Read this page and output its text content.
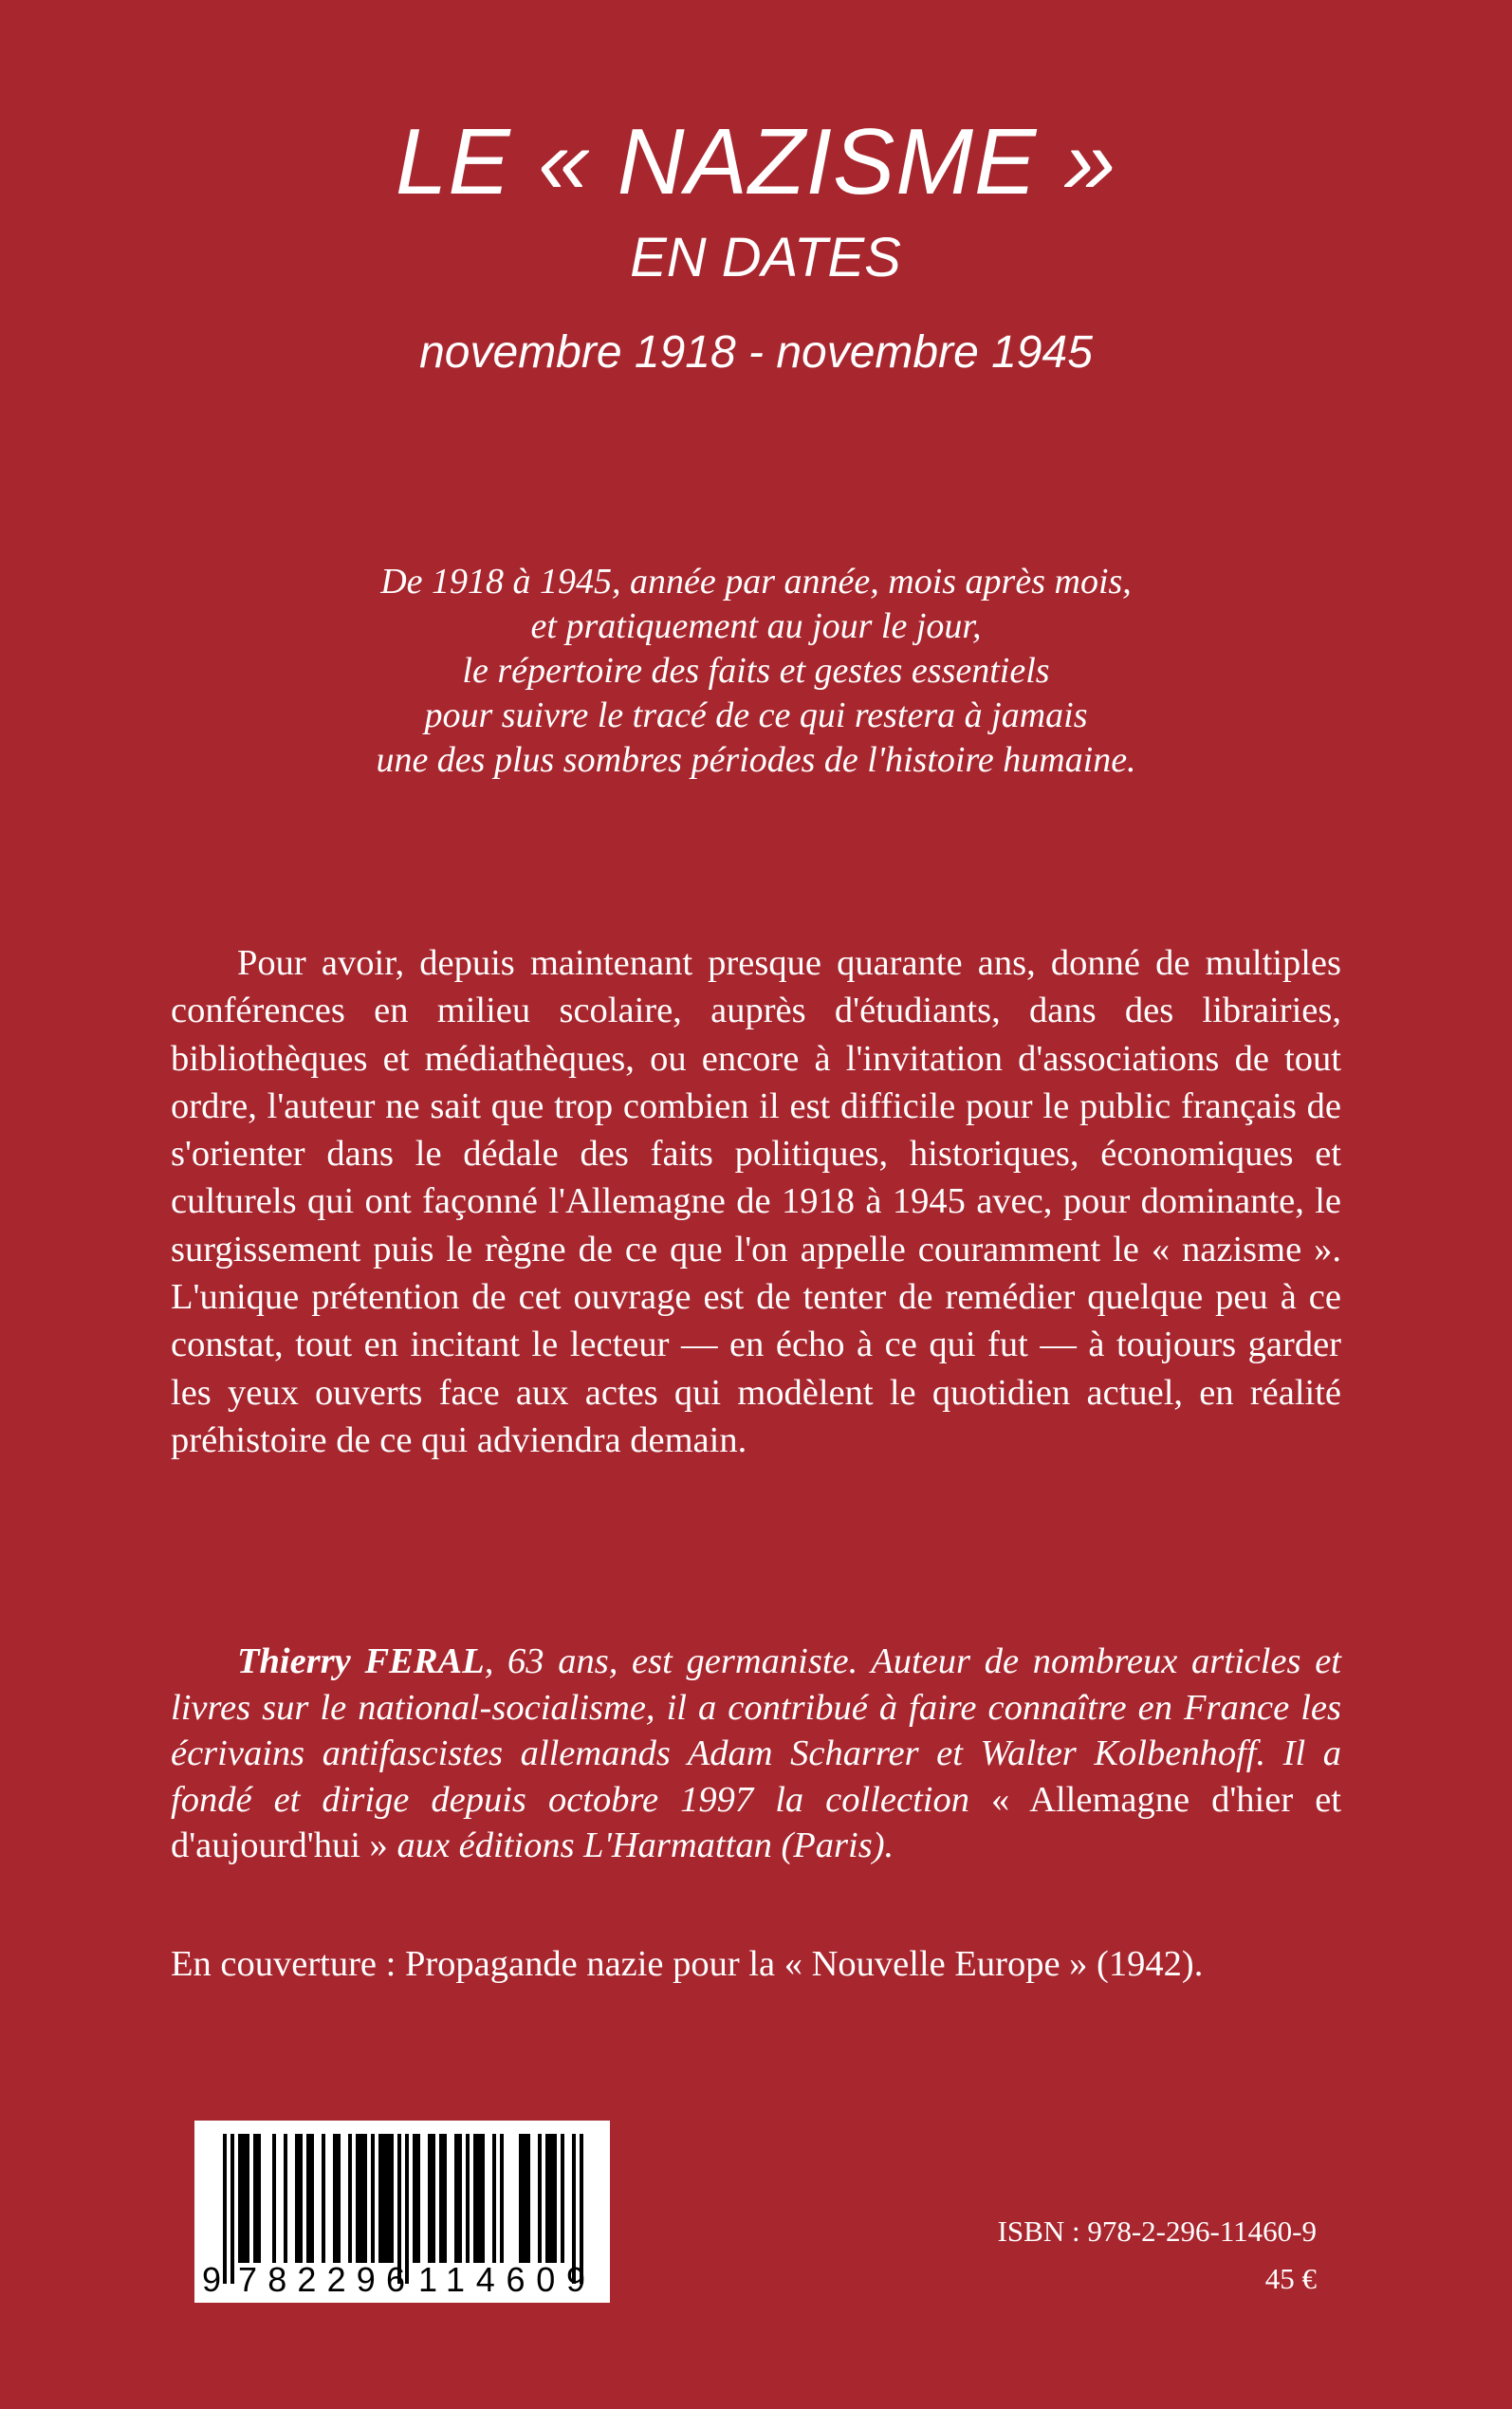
LE « NAZISME »
EN DATES
novembre 1918 - novembre 1945

De 1918 à 1945, année par année, mois après mois,
et pratiquement au jour le jour,
le répertoire des faits et gestes essentiels
pour suivre le tracé de ce qui restera à jamais
une des plus sombres périodes de l'histoire humaine.

Pour avoir, depuis maintenant presque quarante ans, donné de multiples conférences en milieu scolaire, auprès d'étudiants, dans des librairies, bibliothèques et médiathèques, ou encore à l'invitation d'associations de tout ordre, l'auteur ne sait que trop combien il est difficile pour le public français de s'orienter dans le dédale des faits politiques, historiques, économiques et culturels qui ont façonné l'Allemagne de 1918 à 1945 avec, pour dominante, le surgissement puis le règne de ce que l'on appelle couramment le « nazisme ». L'unique prétention de cet ouvrage est de tenter de remédier quelque peu à ce constat, tout en incitant le lecteur — en écho à ce qui fut — à toujours garder les yeux ouverts face aux actes qui modèlent le quotidien actuel, en réalité préhistoire de ce qui adviendra demain.

Thierry FERAL, 63 ans, est germaniste. Auteur de nombreux articles et livres sur le national-socialisme, il a contribué à faire connaître en France les écrivains antifascistes allemands Adam Scharrer et Walter Kolbenhoff. Il a fondé et dirige depuis octobre 1997 la collection « Allemagne d'hier et d'aujourd'hui » aux éditions L'Harmattan (Paris).

En couverture : Propagande nazie pour la « Nouvelle Europe » (1942).

9 782296 114609
ISBN : 978-2-296-11460-9
45 €
